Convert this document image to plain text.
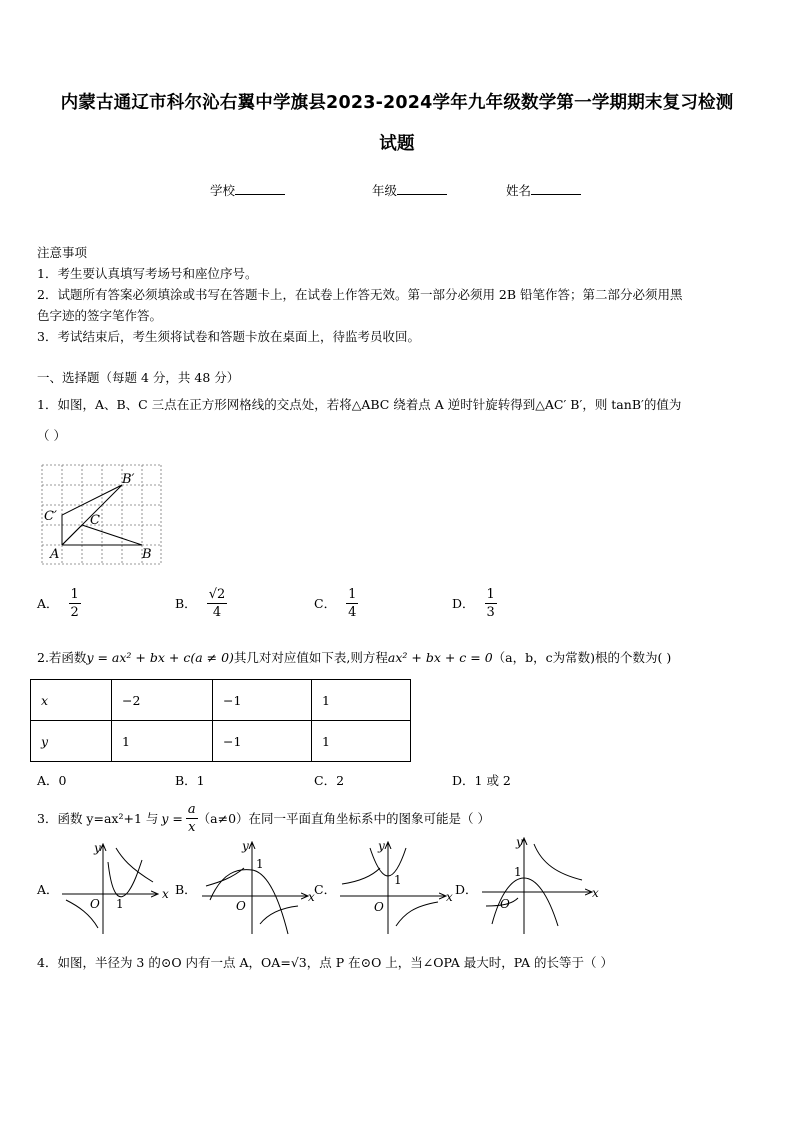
内蒙古通辽市科尔沁右翼中学旗县2023-2024学年九年级数学第一学期期末复习检测
试题
学校	年级	姓名
注意事项
1．考生要认真填写考场号和座位序号。
2．试题所有答案必须填涂或书写在答题卡上，在试卷上作答无效。第一部分必须用 2B 铅笔作答；第二部分必须用黑
色字迹的签字笔作答。
3．考试结束后，考生须将试卷和答题卡放在桌面上，待监考员收回。
一、选择题（每题 4 分，共 48 分）
1．如图，A、B、C 三点在正方形网格线的交点处，若将△ABC 绕着点 A 逆时针旋转得到△AC′ B′，则 tanB′的值为
（ ）
B′
C′	C
A	B
A． $\frac{1}{2}$	B． $\frac{√2}{4}$	C． $\frac{1}{4}$	D． $\frac{1}{3}$
2.若函数y = ax² + bx + c(a ≠ 0)其几对对应值如下表,则方程ax² + bx + c = 0（a，b，c为常数)根的个数为( )
x	−2	−1	1
y	1	−1	1
A．0	B．1	C．2	D．1 或 2
3．函数 y=ax²+1 与 $y = \frac{a}{x} (a\ne 0)$在同一平面直角坐标系中的图象可能是（ ）
A．	B．	C．	D．
x
y
O 1	x
y
O
1
x
y
O
1
x
y
O
1
4．如图，半径为 3 的⊙O 内有一点 A，OA=√3，点 P 在⊙O 上，当∠OPA 最大时，PA 的长等于（ ）
